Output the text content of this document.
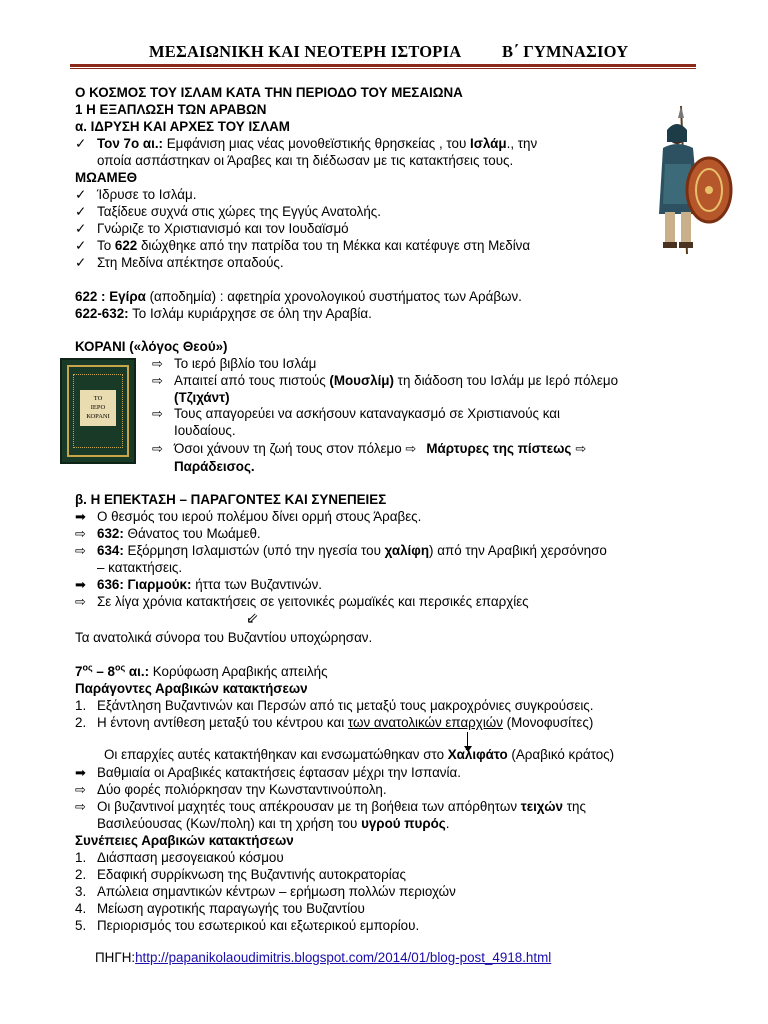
ΜΕΣΑΙΩΝΙΚΗ ΚΑΙ ΝΕΟΤΕΡΗ ΙΣΤΟΡΙΑ Β΄ ΓΥΜΝΑΣΙΟΥ
Ο ΚΟΣΜΟΣ ΤΟΥ ΙΣΛΑΜ ΚΑΤΑ ΤΗΝ ΠΕΡΙΟΔΟ ΤΟΥ ΜΕΣΑΙΩΝΑ
1 Η ΕΞΑΠΛΩΣΗ ΤΩΝ ΑΡΑΒΩΝ
α. ΙΔΡΥΣΗ ΚΑΙ ΑΡΧΕΣ ΤΟΥ ΙΣΛΑΜ
✓ Τον 7ο αι.: Εμφάνιση μιας νέας μονοθεϊστικής θρησκείας , του Ισλάμ., την
οποία ασπάστηκαν οι Άραβες και τη διέδωσαν με τις κατακτήσεις τους.
ΜΩΑΜΕΘ
✓ Ίδρυσε το Ισλάμ.
✓ Ταξίδευε συχνά στις χώρες της Εγγύς Ανατολής.
✓ Γνώριζε το Χριστιανισμό και τον Ιουδαϊσμό
✓ Το 622 διώχθηκε από την πατρίδα του τη Μέκκα και κατέφυγε στη Μεδίνα
✓ Στη Μεδίνα απέκτησε οπαδούς.
622 : Εγίρα (αποδημία) : αφετηρία χρονολογικού συστήματος των Αράβων.
622-632: Το Ισλάμ κυριάρχησε σε όλη την Αραβία.
ΚΟΡΑΝΙ («λόγος Θεού»)
ΤΟ
ΙΕΡΟ
ΚΟΡΑΝΙ
⇨ Το ιερό βιβλίο του Ισλάμ
⇨ Απαιτεί από τους πιστούς (Μουσλίμ) τη διάδοση του Ισλάμ με Ιερό πόλεμο
(Τζιχάντ)
⇨ Τους απαγορεύει να ασκήσουν καταναγκασμό σε Χριστιανούς και
Ιουδαίους.
⇨ Όσοι χάνουν τη ζωή τους στον πόλεμο ⇨ Μάρτυρες της πίστεως ⇨
Παράδεισος.
β. Η ΕΠΕΚΤΑΣΗ – ΠΑΡΑΓΟΝΤΕΣ ΚΑΙ ΣΥΝΕΠΕΙΕΣ
➡ Ο θεσμός του ιερού πολέμου δίνει ορμή στους Άραβες.
⇨ 632: Θάνατος του Μωάμεθ.
⇨ 634: Εξόρμηση Ισλαμιστών (υπό την ηγεσία του χαλίφη) από την Αραβική χερσόνησο
– κατακτήσεις.
➡ 636: Γιαρμούκ: ήττα των Βυζαντινών.
⇨ Σε λίγα χρόνια κατακτήσεις σε γειτονικές ρωμαϊκές και περσικές επαρχίες
⇙
Τα ανατολικά σύνορα του Βυζαντίου υποχώρησαν.
$7^{o\varsigma} - 8^{o\varsigma}$ αι.: Κορύφωση Αραβικής απειλής
Παράγοντες Αραβικών κατακτήσεων
1. Εξάντληση Βυζαντινών και Περσών από τις μεταξύ τους μακροχρόνιες συγκρούσεις.
2. Η έντονη αντίθεση μεταξύ του κέντρου και των ανατολικών επαρχιών (Μονοφυσίτες)
Οι επαρχίες αυτές κατακτήθηκαν και ενσωματώθηκαν στο Χαλιφάτο (Αραβικό κράτος)
➡ Βαθμιαία οι Αραβικές κατακτήσεις έφτασαν μέχρι την Ισπανία.
⇨ Δύο φορές πολιόρκησαν την Κωνσταντινούπολη.
⇨ Οι βυζαντινοί μαχητές τους απέκρουσαν με τη βοήθεια των απόρθητων τειχών της
Βασιλεύουσας (Κων/πολη) και τη χρήση του υγρού πυρός.
Συνέπειες Αραβικών κατακτήσεων
1. Διάσπαση μεσογειακού κόσμου
2. Εδαφική συρρίκνωση της Βυζαντινής αυτοκρατορίας
3. Απώλεια σημαντικών κέντρων – ερήμωση πολλών περιοχών
4. Μείωση αγροτικής παραγωγής του Βυζαντίου
5. Περιορισμός του εσωτερικού και εξωτερικού εμπορίου.
ΠΗΓΗ:http://papanikolaoudimitris.blogspot.com/2014/01/blog-post_4918.html
